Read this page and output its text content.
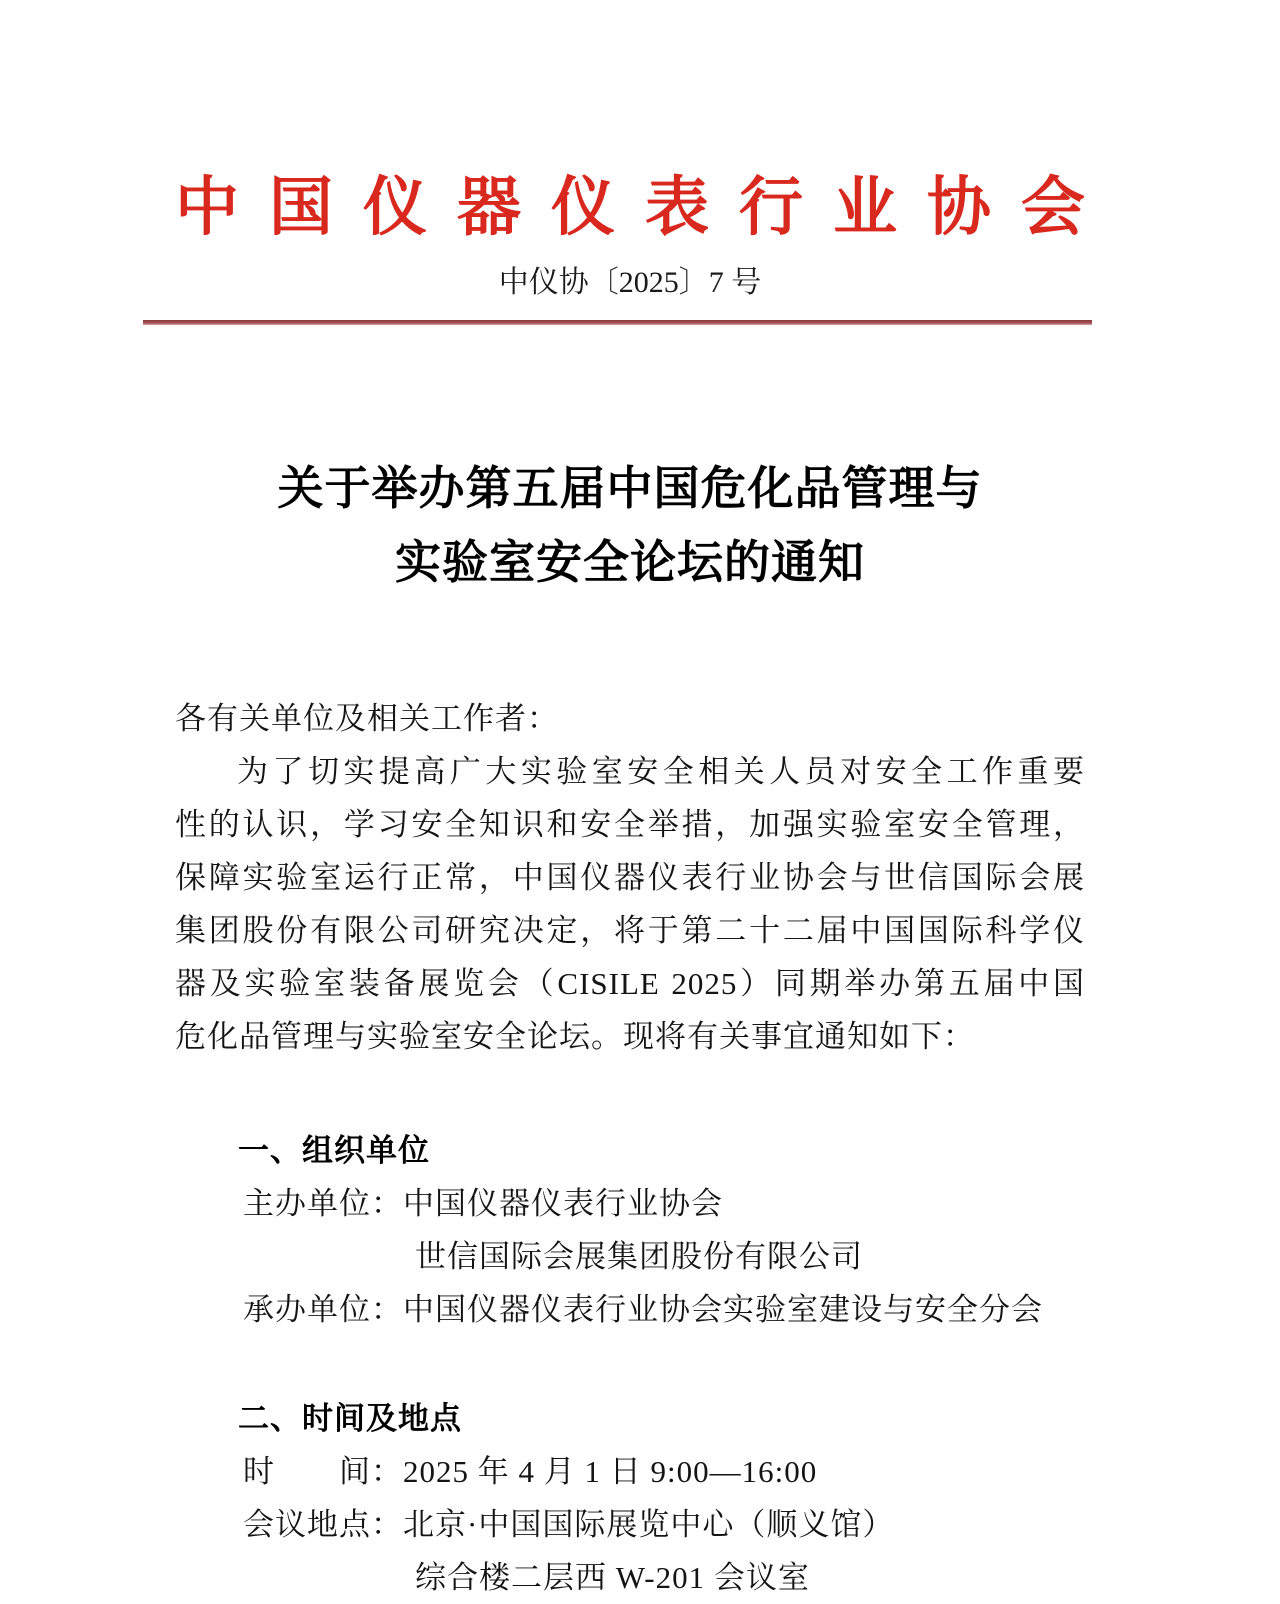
中 国 仪 器 仪 表 行 业 协 会
中仪协〔2025〕7 号
关于举办第五届中国危化品管理与
实验室安全论坛的通知

各有关单位及相关工作者：

为了切实提高广大实验室安全相关人员对安全工作重要

性的认识，学习安全知识和安全举措，加强实验室安全管理，

保障实验室运行正常，中国仪器仪表行业协会与世信国际会展

集团股份有限公司研究决定，将于第二十二届中国国际科学仪

器及实验室装备展览会（CISILE 2025）同期举办第五届中国

危化品管理与实验室安全论坛。现将有关事宜通知如下：

一、组织单位

主办单位：中国仪器仪表行业协会

世信国际会展集团股份有限公司

承办单位：中国仪器仪表行业协会实验室建设与安全分会

二、时间及地点

时　　间：2025 年 4 月 1 日 9:00—16:00

会议地点：北京·中国国际展览中心（顺义馆）

综合楼二层西 W-201 会议室
